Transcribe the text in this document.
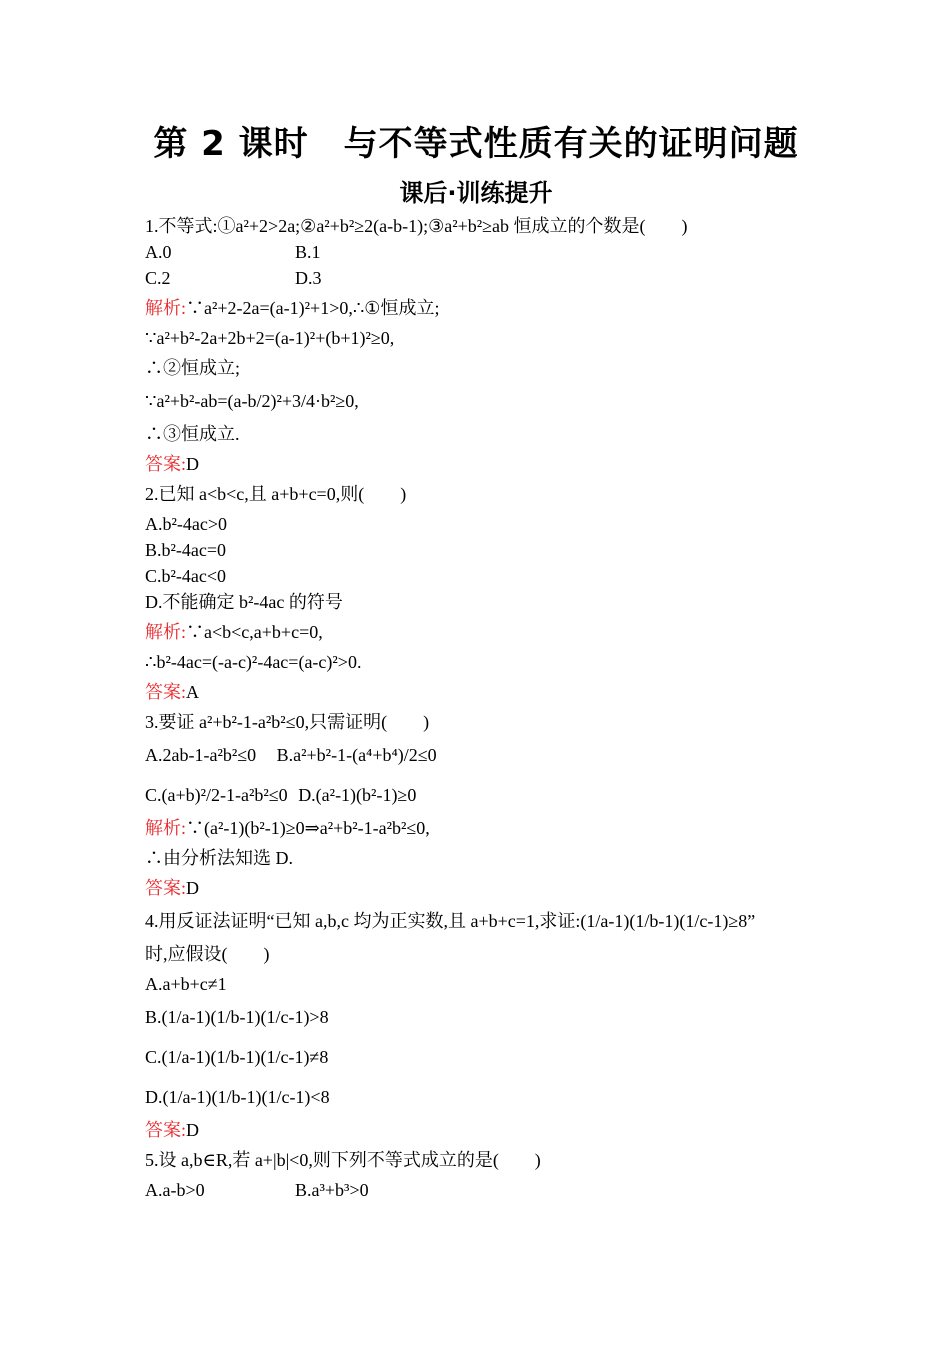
第 2 课时　与不等式性质有关的证明问题
课后·训练提升
1.不等式:①a²+2>2a;②a²+b²≥2(a-b-1);③a²+b²≥ab 恒成立的个数是(　　)
A.0	B.1
C.2	D.3
解析:∵a²+2-2a=(a-1)²+1>0,∴①恒成立;
∵a²+b²-2a+2b+2=(a-1)²+(b+1)²≥0,
∴②恒成立;
∵a²+b²-ab=(a-b/2)²+3/4·b²≥0,
∴③恒成立.
答案:D
2.已知 a<b<c,且 a+b+c=0,则(　　)
A.b²-4ac>0
B.b²-4ac=0
C.b²-4ac<0
D.不能确定 b²-4ac 的符号
解析:∵a<b<c,a+b+c=0,
∴b²-4ac=(-a-c)²-4ac=(a-c)²>0.
答案:A
3.要证 a²+b²-1-a²b²≤0,只需证明(　　)
A.2ab-1-a²b²≤0 B.a²+b²-1-(a⁴+b⁴)/2≤0
C.(a+b)²/2-1-a²b²≤0 D.(a²-1)(b²-1)≥0
解析:∵(a²-1)(b²-1)≥0⇒a²+b²-1-a²b²≤0,
∴由分析法知选 D.
答案:D
4.用反证法证明“已知 a,b,c 均为正实数,且 a+b+c=1,求证:(1/a-1)(1/b-1)(1/c-1)≥8”
时,应假设(　　)
A.a+b+c≠1
B.(1/a-1)(1/b-1)(1/c-1)>8
C.(1/a-1)(1/b-1)(1/c-1)≠8
D.(1/a-1)(1/b-1)(1/c-1)<8
答案:D
5.设 a,b∈R,若 a+|b|<0,则下列不等式成立的是(　　)
A.a-b>0	B.a³+b³>0
